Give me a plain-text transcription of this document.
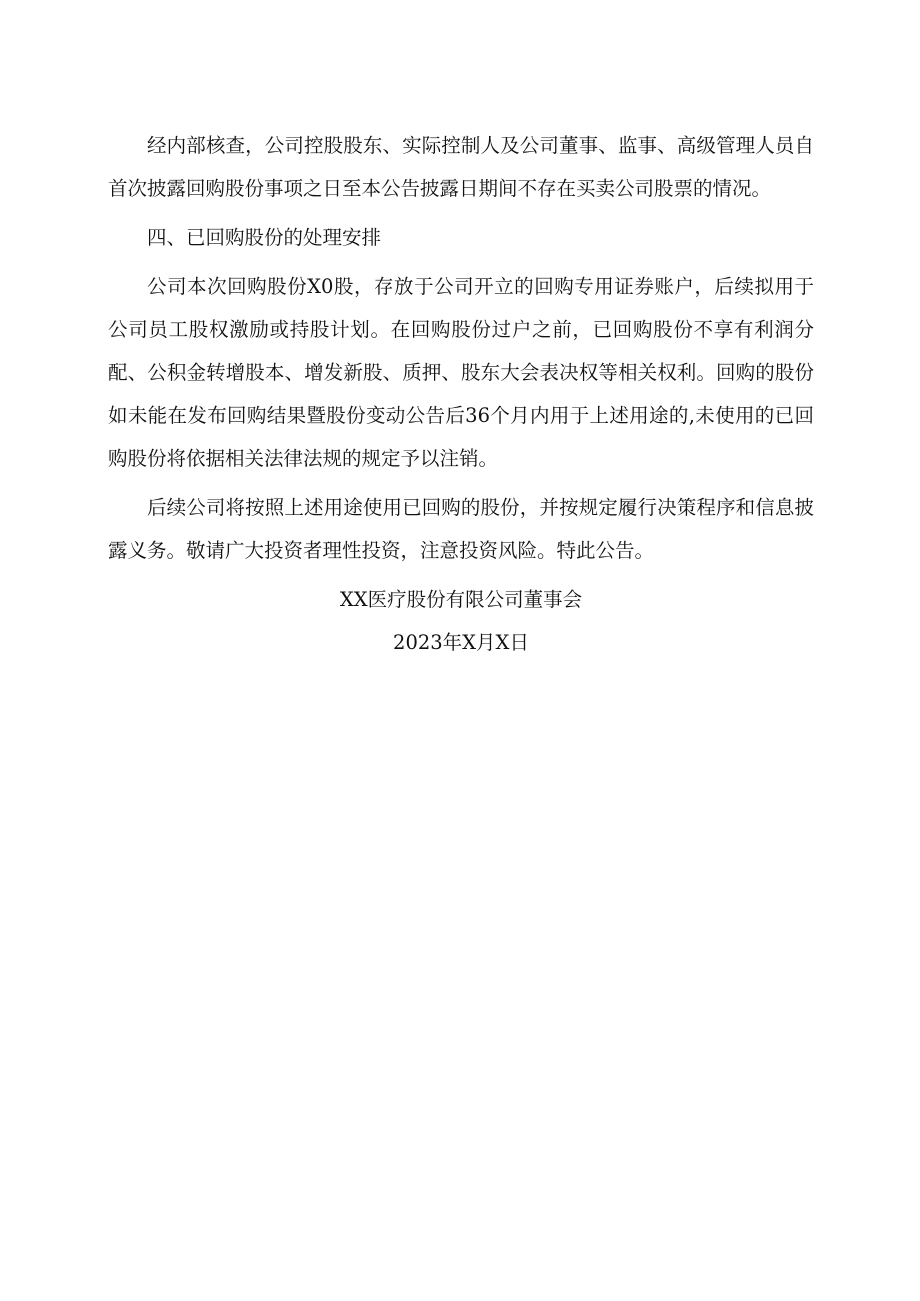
经内部核查，公司控股股东、实际控制人及公司董事、监事、高级管理人员自首次披露回购股份事项之日至本公告披露日期间不存在买卖公司股票的情况。

四、已回购股份的处理安排

公司本次回购股份X0股，存放于公司开立的回购专用证券账户，后续拟用于公司员工股权激励或持股计划。在回购股份过户之前，已回购股份不享有利润分配、公积金转增股本、增发新股、质押、股东大会表决权等相关权利。回购的股份如未能在发布回购结果暨股份变动公告后36个月内用于上述用途的,未使用的已回购股份将依据相关法律法规的规定予以注销。

后续公司将按照上述用途使用已回购的股份，并按规定履行决策程序和信息披露义务。敬请广大投资者理性投资，注意投资风险。特此公告。

XX医疗股份有限公司董事会

2023年X月X日
